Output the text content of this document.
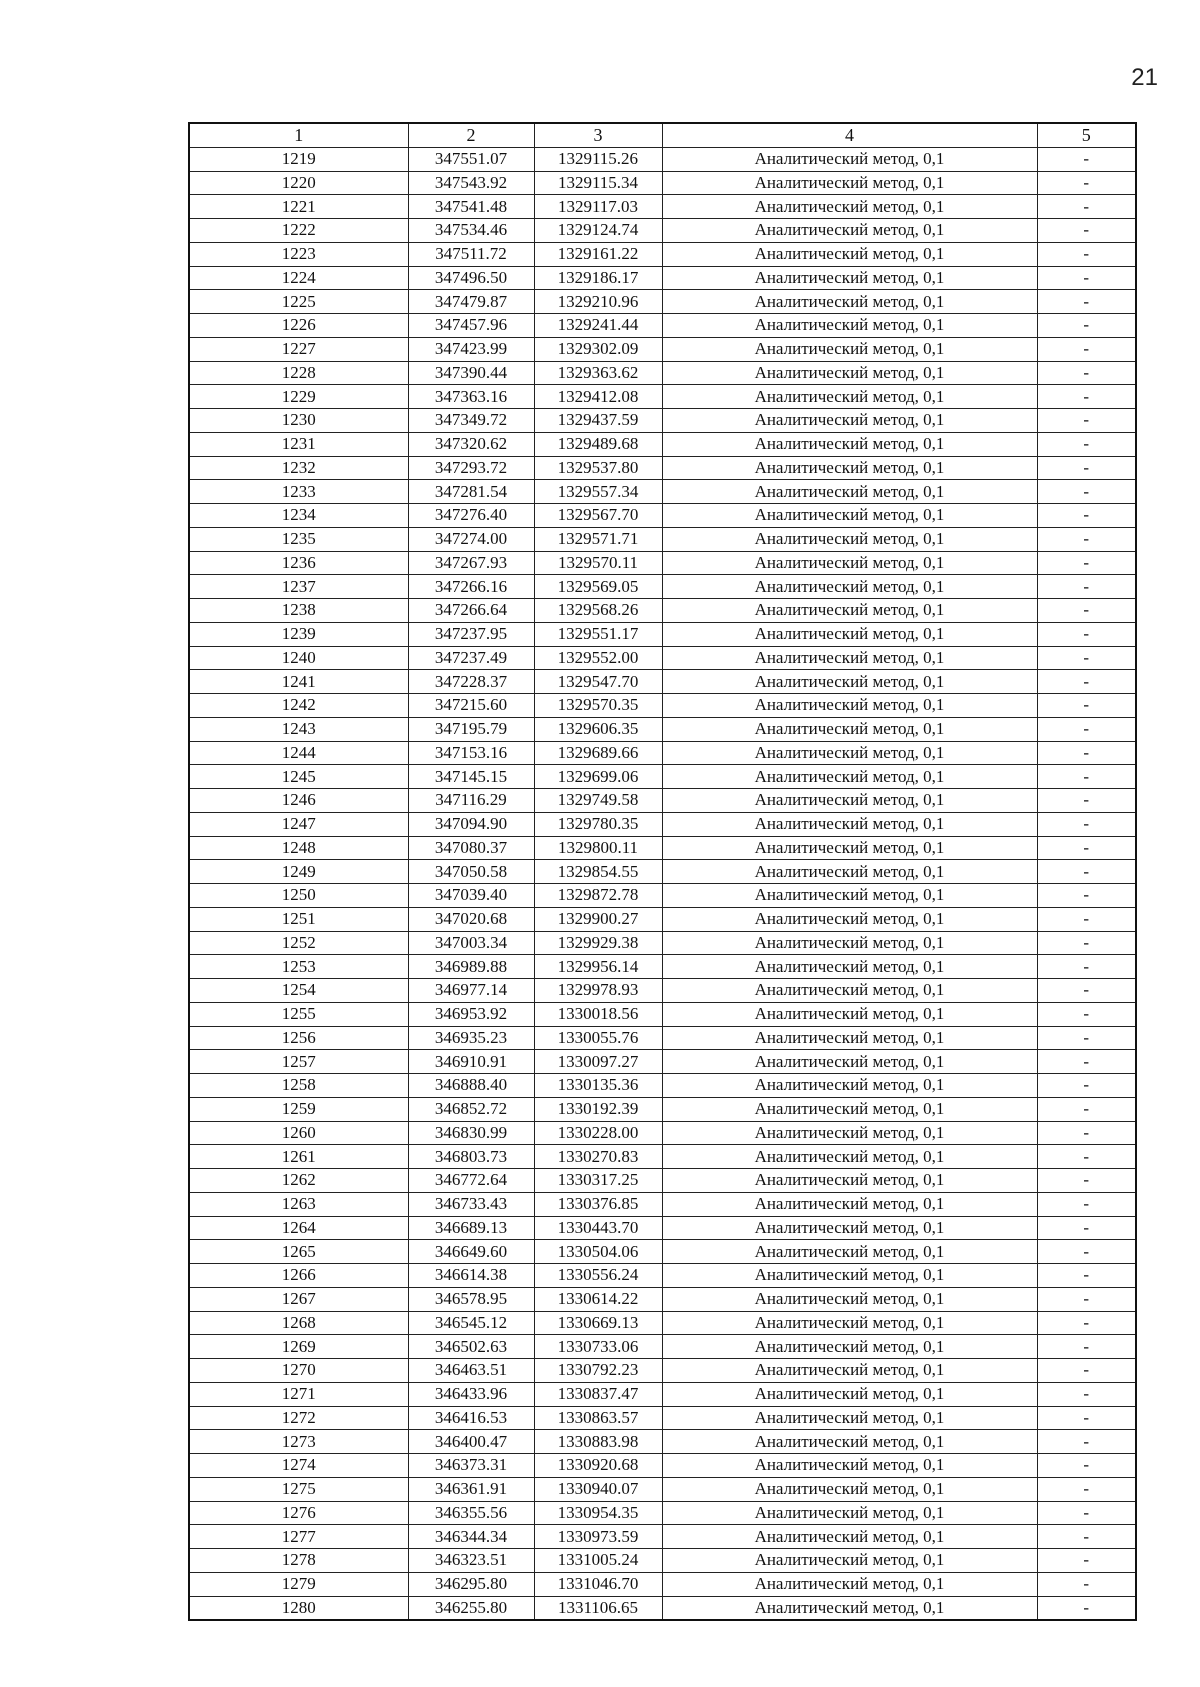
21
1	2	3	4	5
1219	347551.07	1329115.26	Аналитический метод, 0,1	-
1220	347543.92	1329115.34	Аналитический метод, 0,1	-
1221	347541.48	1329117.03	Аналитический метод, 0,1	-
1222	347534.46	1329124.74	Аналитический метод, 0,1	-
1223	347511.72	1329161.22	Аналитический метод, 0,1	-
1224	347496.50	1329186.17	Аналитический метод, 0,1	-
1225	347479.87	1329210.96	Аналитический метод, 0,1	-
1226	347457.96	1329241.44	Аналитический метод, 0,1	-
1227	347423.99	1329302.09	Аналитический метод, 0,1	-
1228	347390.44	1329363.62	Аналитический метод, 0,1	-
1229	347363.16	1329412.08	Аналитический метод, 0,1	-
1230	347349.72	1329437.59	Аналитический метод, 0,1	-
1231	347320.62	1329489.68	Аналитический метод, 0,1	-
1232	347293.72	1329537.80	Аналитический метод, 0,1	-
1233	347281.54	1329557.34	Аналитический метод, 0,1	-
1234	347276.40	1329567.70	Аналитический метод, 0,1	-
1235	347274.00	1329571.71	Аналитический метод, 0,1	-
1236	347267.93	1329570.11	Аналитический метод, 0,1	-
1237	347266.16	1329569.05	Аналитический метод, 0,1	-
1238	347266.64	1329568.26	Аналитический метод, 0,1	-
1239	347237.95	1329551.17	Аналитический метод, 0,1	-
1240	347237.49	1329552.00	Аналитический метод, 0,1	-
1241	347228.37	1329547.70	Аналитический метод, 0,1	-
1242	347215.60	1329570.35	Аналитический метод, 0,1	-
1243	347195.79	1329606.35	Аналитический метод, 0,1	-
1244	347153.16	1329689.66	Аналитический метод, 0,1	-
1245	347145.15	1329699.06	Аналитический метод, 0,1	-
1246	347116.29	1329749.58	Аналитический метод, 0,1	-
1247	347094.90	1329780.35	Аналитический метод, 0,1	-
1248	347080.37	1329800.11	Аналитический метод, 0,1	-
1249	347050.58	1329854.55	Аналитический метод, 0,1	-
1250	347039.40	1329872.78	Аналитический метод, 0,1	-
1251	347020.68	1329900.27	Аналитический метод, 0,1	-
1252	347003.34	1329929.38	Аналитический метод, 0,1	-
1253	346989.88	1329956.14	Аналитический метод, 0,1	-
1254	346977.14	1329978.93	Аналитический метод, 0,1	-
1255	346953.92	1330018.56	Аналитический метод, 0,1	-
1256	346935.23	1330055.76	Аналитический метод, 0,1	-
1257	346910.91	1330097.27	Аналитический метод, 0,1	-
1258	346888.40	1330135.36	Аналитический метод, 0,1	-
1259	346852.72	1330192.39	Аналитический метод, 0,1	-
1260	346830.99	1330228.00	Аналитический метод, 0,1	-
1261	346803.73	1330270.83	Аналитический метод, 0,1	-
1262	346772.64	1330317.25	Аналитический метод, 0,1	-
1263	346733.43	1330376.85	Аналитический метод, 0,1	-
1264	346689.13	1330443.70	Аналитический метод, 0,1	-
1265	346649.60	1330504.06	Аналитический метод, 0,1	-
1266	346614.38	1330556.24	Аналитический метод, 0,1	-
1267	346578.95	1330614.22	Аналитический метод, 0,1	-
1268	346545.12	1330669.13	Аналитический метод, 0,1	-
1269	346502.63	1330733.06	Аналитический метод, 0,1	-
1270	346463.51	1330792.23	Аналитический метод, 0,1	-
1271	346433.96	1330837.47	Аналитический метод, 0,1	-
1272	346416.53	1330863.57	Аналитический метод, 0,1	-
1273	346400.47	1330883.98	Аналитический метод, 0,1	-
1274	346373.31	1330920.68	Аналитический метод, 0,1	-
1275	346361.91	1330940.07	Аналитический метод, 0,1	-
1276	346355.56	1330954.35	Аналитический метод, 0,1	-
1277	346344.34	1330973.59	Аналитический метод, 0,1	-
1278	346323.51	1331005.24	Аналитический метод, 0,1	-
1279	346295.80	1331046.70	Аналитический метод, 0,1	-
1280	346255.80	1331106.65	Аналитический метод, 0,1	-
